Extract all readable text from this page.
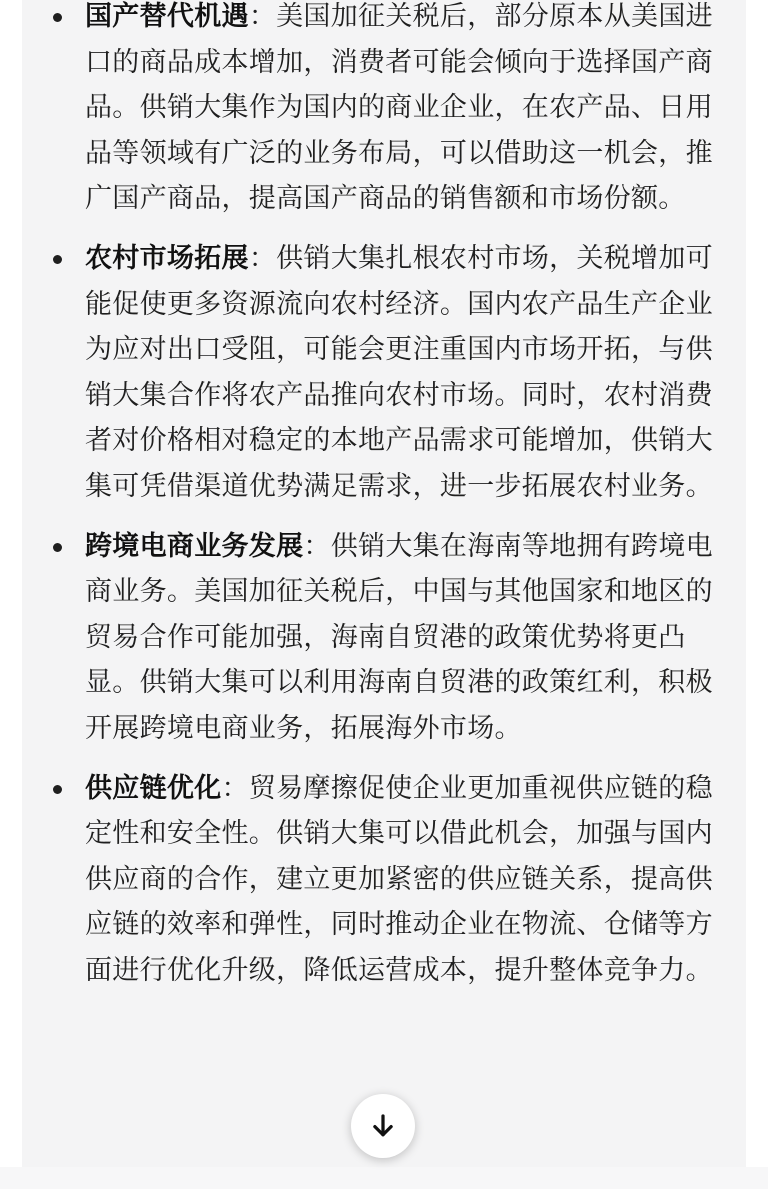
国产替代机遇：美国加征关税后，部分原本从美国进口的商品成本增加，消费者可能会倾向于选择国产商品。供销大集作为国内的商业企业，在农产品、日用品等领域有广泛的业务布局，可以借助这一机会，推广国产商品，提高国产商品的销售额和市场份额。
农村市场拓展：供销大集扎根农村市场，关税增加可能促使更多资源流向农村经济。国内农产品生产企业为应对出口受阻，可能会更注重国内市场开拓，与供销大集合作将农产品推向农村市场。同时，农村消费者对价格相对稳定的本地产品需求可能增加，供销大集可凭借渠道优势满足需求，进一步拓展农村业务。
跨境电商业务发展：供销大集在海南等地拥有跨境电商业务。美国加征关税后，中国与其他国家和地区的贸易合作可能加强，海南自贸港的政策优势将更凸显。供销大集可以利用海南自贸港的政策红利，积极开展跨境电商业务，拓展海外市场。
供应链优化：贸易摩擦促使企业更加重视供应链的稳定性和安全性。供销大集可以借此机会，加强与国内供应商的合作，建立更加紧密的供应链关系，提高供应链的效率和弹性，同时推动企业在物流、仓储等方面进行优化升级，降低运营成本，提升整体竞争力。
